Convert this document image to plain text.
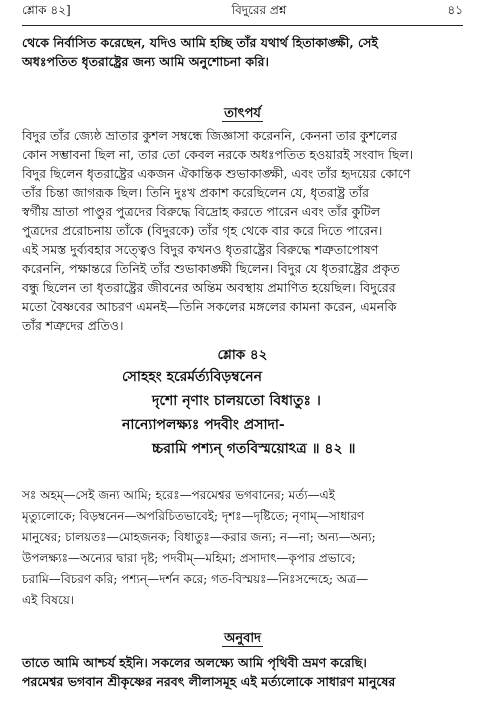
শ্লোক ৪২]	বিদুরের প্রশ্ন	৪১

থেকে নির্বাসিত করেছেন, যদিও আমি হচ্ছি তাঁর যথার্থ হিতাকাঙ্ক্ষী, সেই

অধঃপতিত ধৃতরাষ্ট্রের জন্য আমি অনুশোচনা করি।

তাৎপর্য

বিদুর তাঁর জ্যেষ্ঠ ভ্রাতার কুশল সম্বন্ধে জিজ্ঞাসা করেননি, কেননা তার কুশলের

কোন সম্ভাবনা ছিল না, তার তো কেবল নরকে অধঃপতিত হওয়ারই সংবাদ ছিল।

বিদুর ছিলেন ধৃতরাষ্ট্রের একজন ঐকান্তিক শুভাকাঙ্ক্ষী, এবং তাঁর হৃদয়ের কোণে

তাঁর চিন্তা জাগরূক ছিল। তিনি দুঃখ প্রকাশ করেছিলেন যে, ধৃতরাষ্ট্র তাঁর

স্বর্গীয় ভ্রাতা পাণ্ডুর পুত্রদের বিরুদ্ধে বিদ্রোহ করতে পারেন এবং তাঁর কুটিল

পুত্রদের প্ররোচনায় তাঁকে (বিদুরকে) তাঁর গৃহ থেকে বার করে দিতে পারেন।

এই সমস্ত দুর্ব্যবহার সত্ত্বেও বিদুর কখনও ধৃতরাষ্ট্রের বিরুদ্ধে শত্রুতাপোষণ

করেননি, পক্ষান্তরে তিনিই তাঁর শুভাকাঙ্ক্ষী ছিলেন। বিদুর যে ধৃতরাষ্ট্রের প্রকৃত

বন্ধু ছিলেন তা ধৃতরাষ্ট্রের জীবনের অন্তিম অবস্থায় প্রমাণিত হয়েছিল। বিদুরের

মতো বৈষ্ণবের আচরণ এমনই—তিনি সকলের মঙ্গলের কামনা করেন, এমনকি

তাঁর শত্রুদের প্রতিও।

শ্লোক ৪২
সোহহং হরের্মর্ত্যবিড়ম্বনেন
দৃশো নৃণাং চালয়তো বিধাতুঃ ।
নান্যোপলক্ষ্যঃ পদবীং প্রসাদা-
চ্চরামি পশ্যন্ গতবিস্ময়োঽত্র ॥ ৪২ ॥

সঃ অহম্—সেই জন্য আমি; হরেঃ—পরমেশ্বর ভগবানের; মর্ত্য—এই

মৃত্যুলোকে; বিড়ম্বনেন—অপরিচিতভাবেই; দৃশঃ—দৃষ্টিতে; নৃণাম্—সাধারণ

মানুষের; চালয়তঃ—মোহজনক; বিধাতুঃ—করার জন্য; ন—না; অন্য—অন্য;

উপলক্ষ্যঃ—অন্যের দ্বারা দৃষ্ট; পদবীম্—মহিমা; প্রসাদাৎ—কৃপার প্রভাবে;

চরামি—বিচরণ করি; পশ্যন্—দর্শন করে; গত-বিস্ময়ঃ—নিঃসন্দেহে; অত্র—

এই বিষয়ে।

অনুবাদ

তাতে আমি আশ্চর্য হইনি। সকলের অলক্ষ্যে আমি পৃথিবী ভ্রমণ করেছি।

পরমেশ্বর ভগবান শ্রীকৃষ্ণের নরবৎ লীলাসমূহ এই মর্ত্যলোকে সাধারণ মানুষের
